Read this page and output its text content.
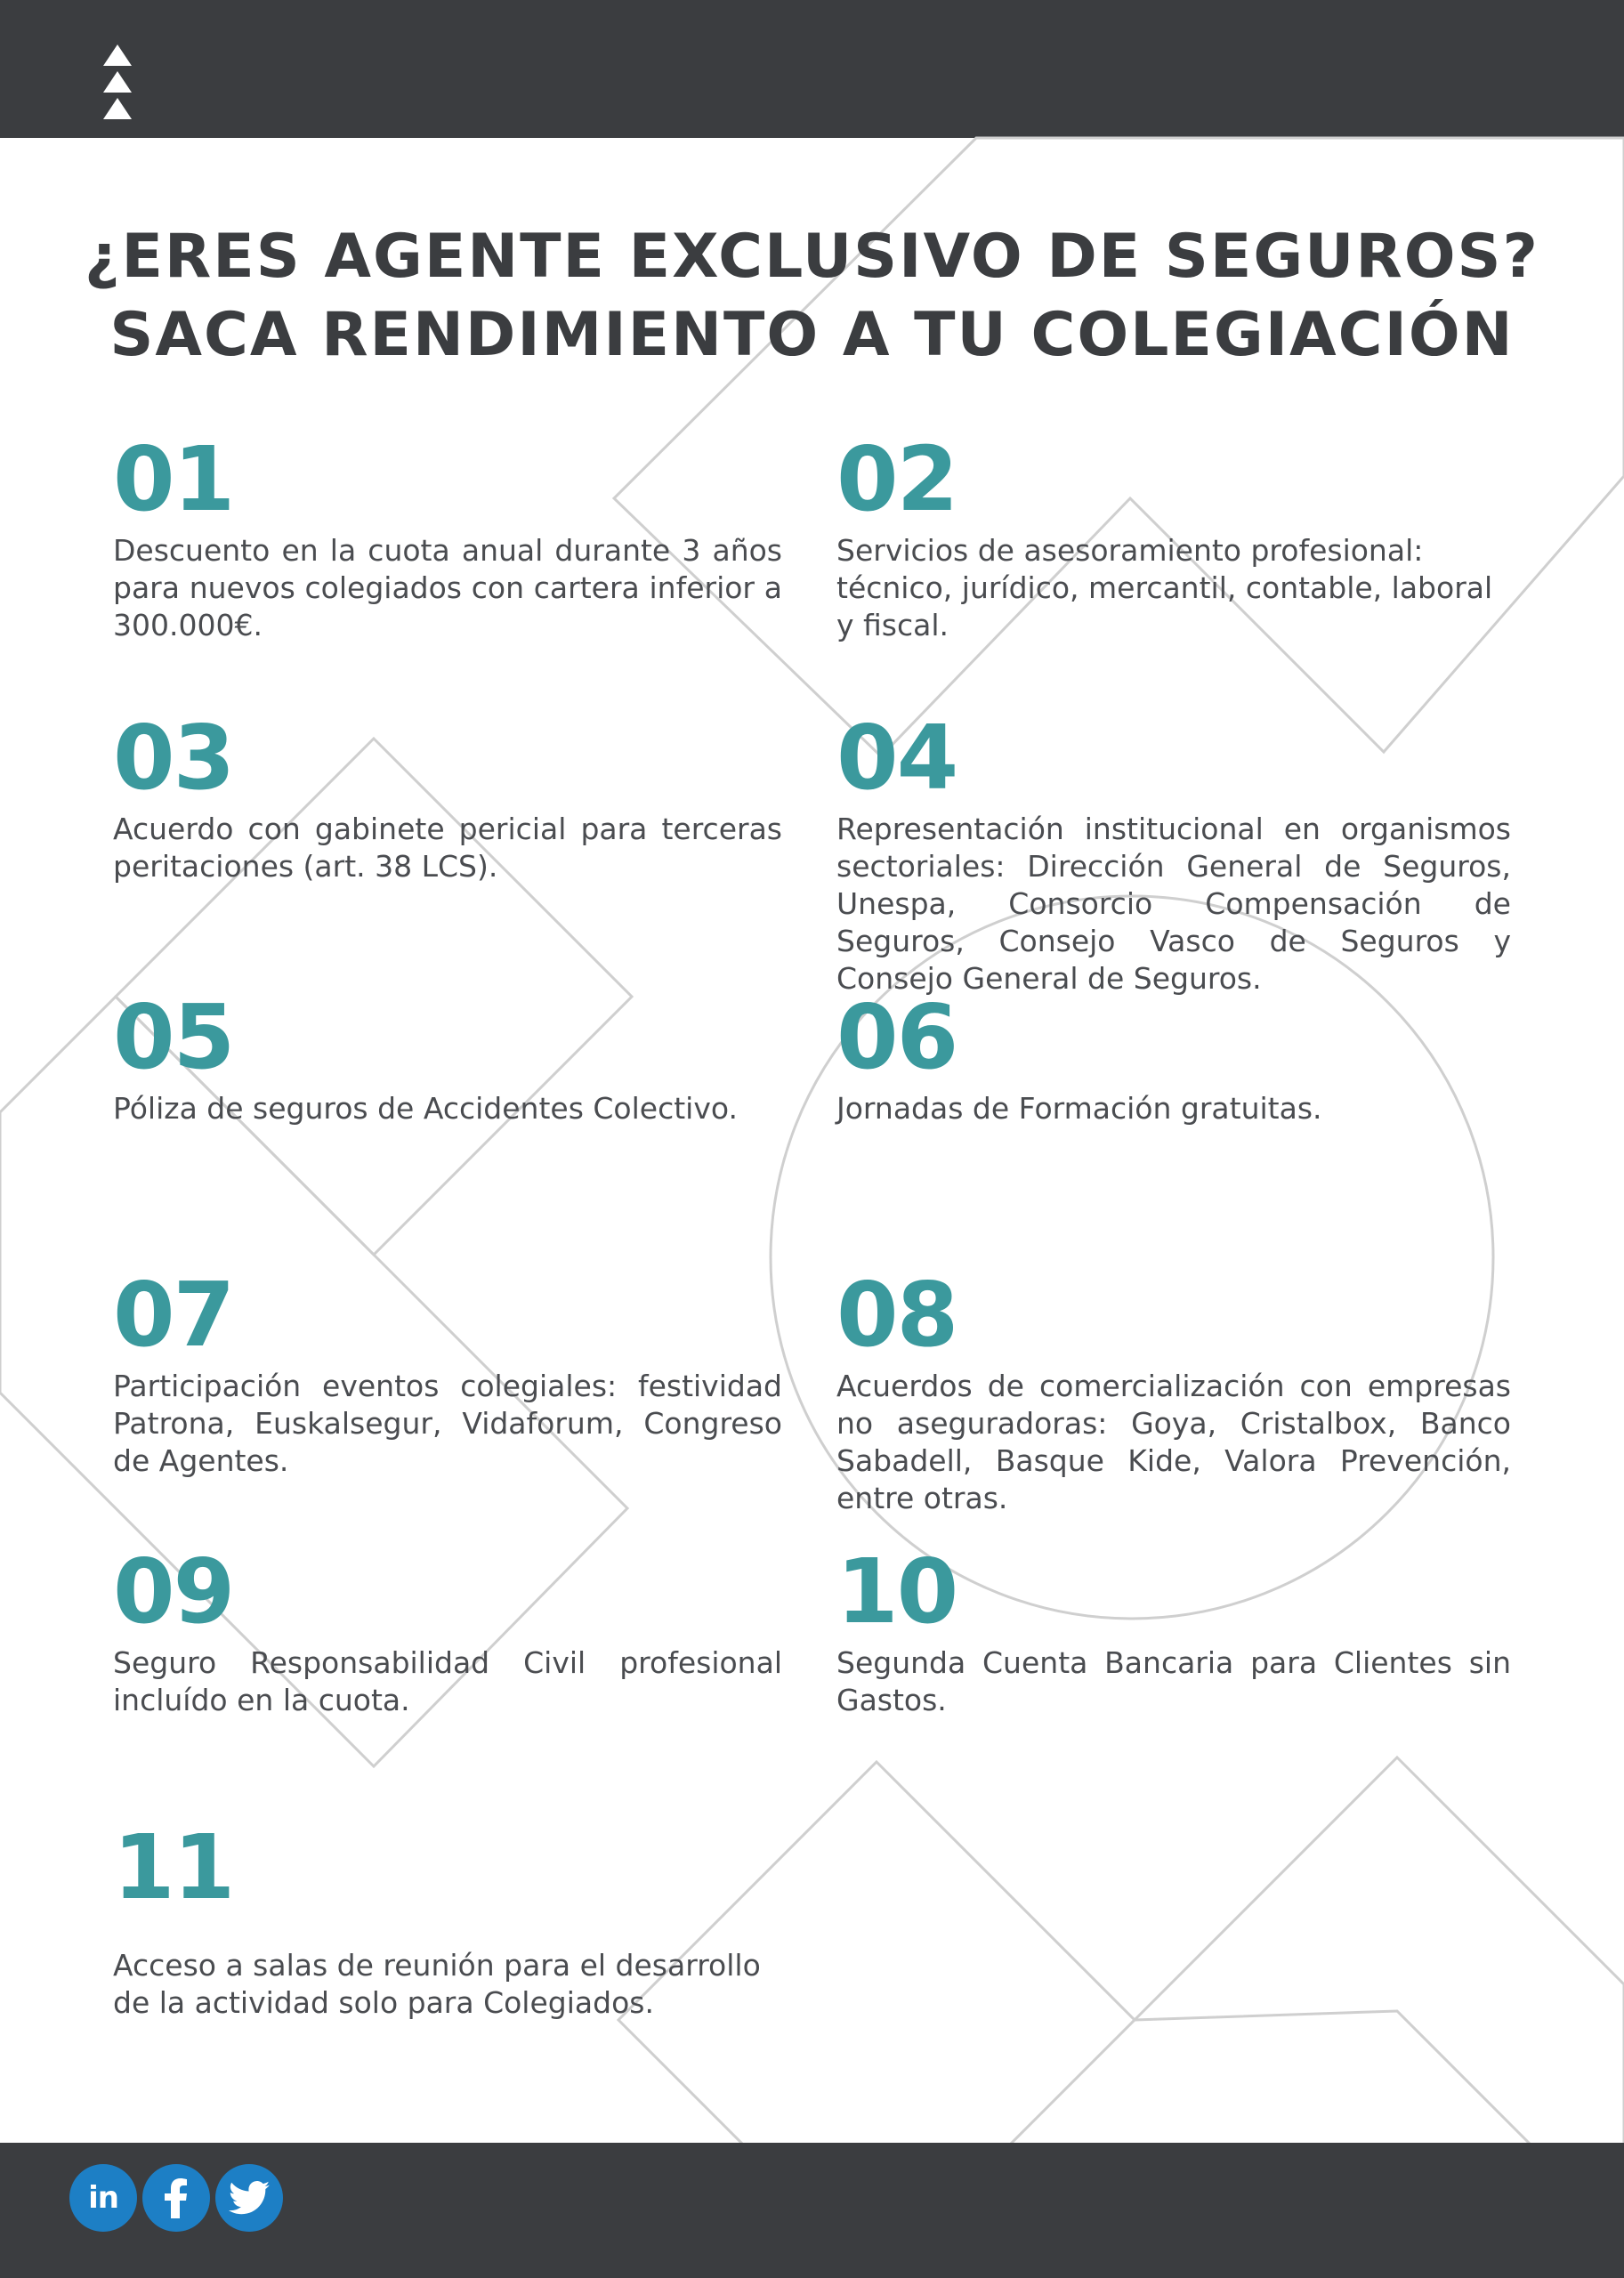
¿ERES AGENTE EXCLUSIVO DE SEGUROS?
SACA RENDIMIENTO A TU COLEGIACIÓN
01
Descuento en la cuota anual durante 3 años para nuevos colegiados con cartera inferior a 300.000€.
02
Servicios de asesoramiento profesional: técnico, jurídico, mercantil, contable, laboral y fiscal.
03
Acuerdo con gabinete pericial para terceras peritaciones (art. 38 LCS).
04
Representación institucional en organismos sectoriales: Dirección General de Seguros, Unespa, Consorcio Compensación de Seguros, Consejo Vasco de Seguros y Consejo General de Seguros.
05
Póliza de seguros de Accidentes Colectivo.
06
Jornadas de Formación gratuitas.
07
Participación eventos colegiales: festividad Patrona, Euskalsegur, Vidaforum, Congreso de Agentes.
08
Acuerdos de comercialización con empresas no aseguradoras: Goya, Cristalbox, Banco Sabadell, Basque Kide, Valora Prevención, entre otras.
09
Seguro Responsabilidad Civil profesional incluído en la cuota.
10
Segunda Cuenta Bancaria para Clientes sin Gastos.
11
Acceso a salas de reunión para el desarrollo de la actividad solo para Colegiados.
in
